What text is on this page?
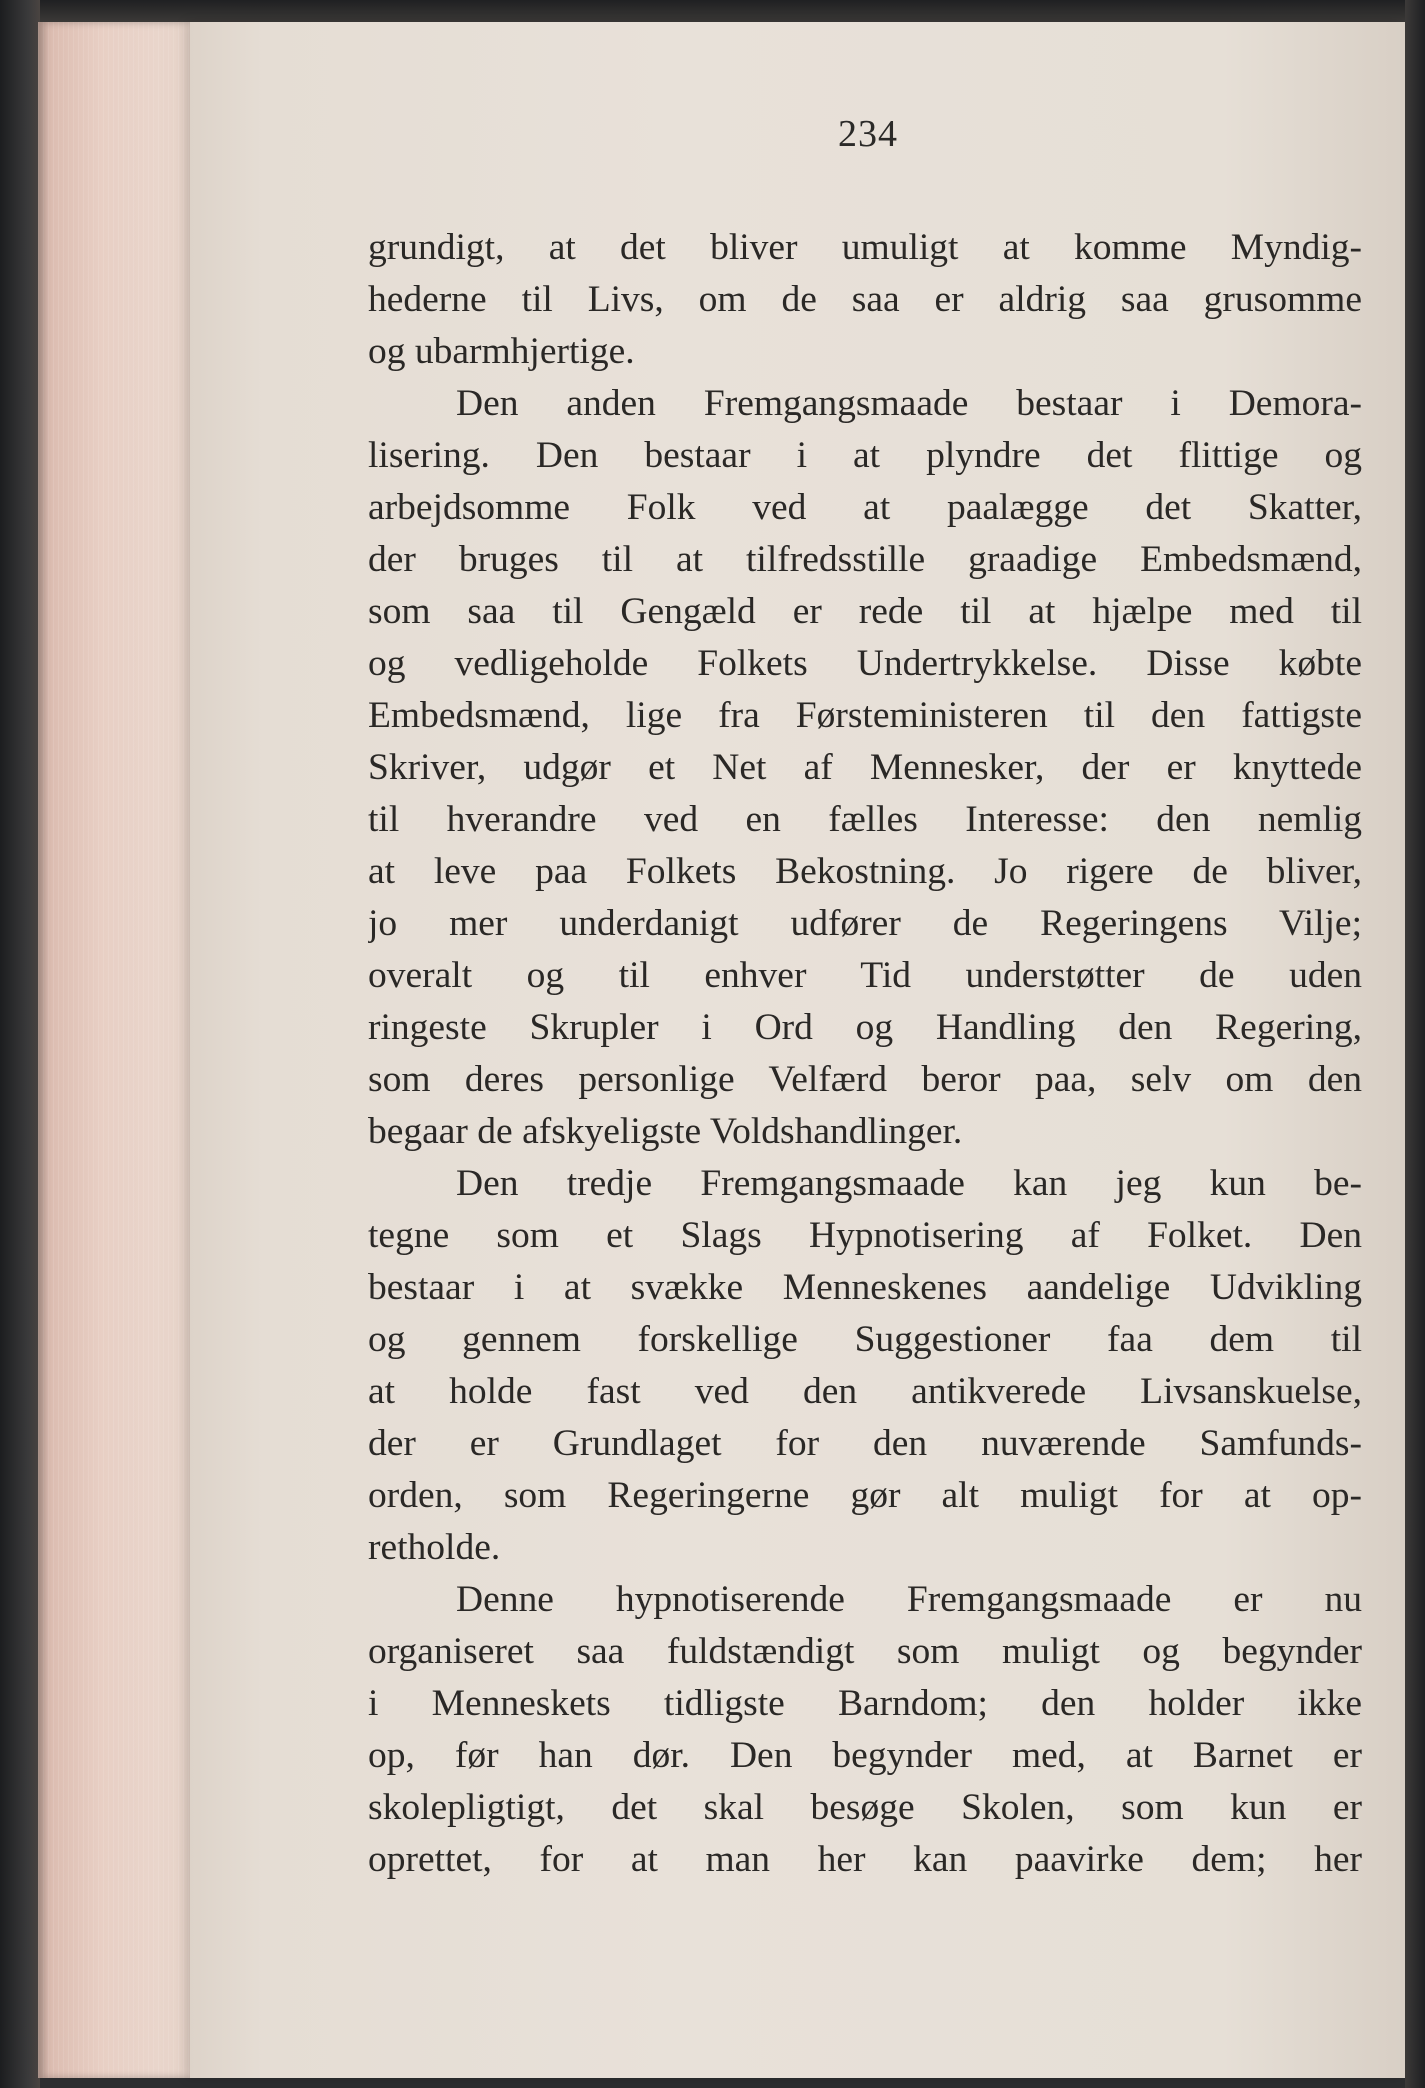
234
grundigt, at det bliver umuligt at komme Myndig-
hederne til Livs, om de saa er aldrig saa grusomme
og ubarmhjertige.
Den anden Fremgangsmaade bestaar i Demora-
lisering. Den bestaar i at plyndre det flittige og
arbejdsomme Folk ved at paalægge det Skatter,
der bruges til at tilfredsstille graadige Embedsmænd,
som saa til Gengæld er rede til at hjælpe med til
og vedligeholde Folkets Undertrykkelse. Disse købte
Embedsmænd, lige fra Førsteministeren til den fattigste
Skriver, udgør et Net af Mennesker, der er knyttede
til hverandre ved en fælles Interesse: den nemlig
at leve paa Folkets Bekostning. Jo rigere de bliver,
jo mer underdanigt udfører de Regeringens Vilje;
overalt og til enhver Tid understøtter de uden
ringeste Skrupler i Ord og Handling den Regering,
som deres personlige Velfærd beror paa, selv om den
begaar de afskyeligste Voldshandlinger.
Den tredje Fremgangsmaade kan jeg kun be-
tegne som et Slags Hypnotisering af Folket. Den
bestaar i at svække Menneskenes aandelige Udvikling
og gennem forskellige Suggestioner faa dem til
at holde fast ved den antikverede Livsanskuelse,
der er Grundlaget for den nuværende Samfunds-
orden, som Regeringerne gør alt muligt for at op-
retholde.
Denne hypnotiserende Fremgangsmaade er nu
organiseret saa fuldstændigt som muligt og begynder
i Menneskets tidligste Barndom; den holder ikke
op, før han dør. Den begynder med, at Barnet er
skolepligtigt, det skal besøge Skolen, som kun er
oprettet, for at man her kan paavirke dem; her
